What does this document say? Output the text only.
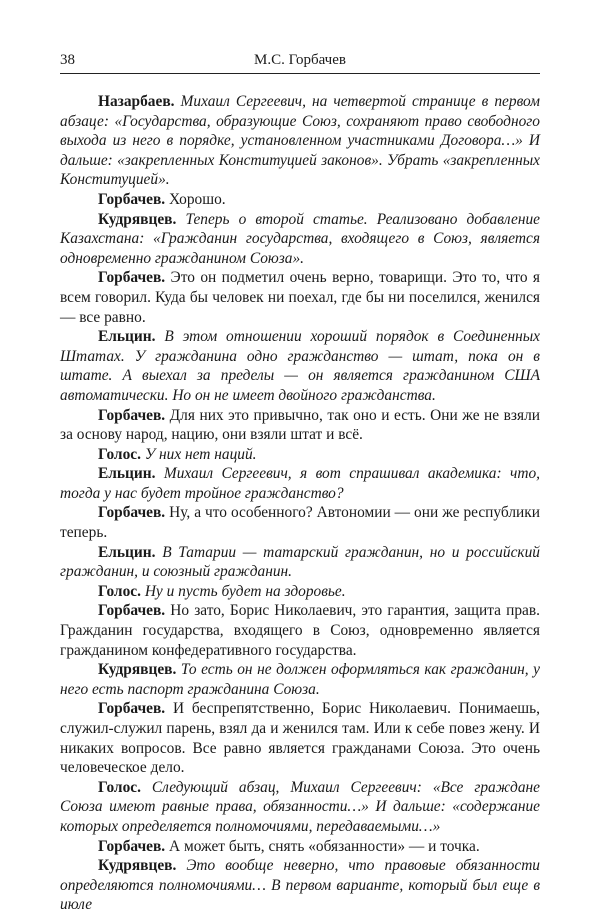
38	М.С. Горбачев

Назарбаев. Михаил Сергеевич, на четвертой странице в первом абзаце: «Государства, образующие Союз, сохраняют право свободного выхода из него в порядке, установленном участниками Договора…» И дальше: «закрепленных Конституцией законов». Убрать «закрепленных Конституцией».

Горбачев. Хорошо.

Кудрявцев. Теперь о второй статье. Реализовано добавление Казахстана: «Гражданин государства, входящего в Союз, является одновременно гражданином Союза».

Горбачев. Это он подметил очень верно, товарищи. Это то, что я всем говорил. Куда бы человек ни поехал, где бы ни поселился, женился — все равно.

Ельцин. В этом отношении хороший порядок в Соединенных Штатах. У гражданина одно гражданство — штат, пока он в штате. А выехал за пределы — он является гражданином США автоматически. Но он не имеет двойного гражданства.

Горбачев. Для них это привычно, так оно и есть. Они же не взяли за основу народ, нацию, они взяли штат и всё.

Голос. У них нет наций.

Ельцин. Михаил Сергеевич, я вот спрашивал академика: что, тогда у нас будет тройное гражданство?

Горбачев. Ну, а что особенного? Автономии — они же республики теперь.

Ельцин. В Татарии — татарский гражданин, но и российский гражданин, и союзный гражданин.

Голос. Ну и пусть будет на здоровье.

Горбачев. Но зато, Борис Николаевич, это гарантия, защита прав. Гражданин государства, входящего в Союз, одновременно является гражданином конфедеративного государства.

Кудрявцев. То есть он не должен оформляться как гражданин, у него есть паспорт гражданина Союза.

Горбачев. И беспрепятственно, Борис Николаевич. Понимаешь, служил-служил парень, взял да и женился там. Или к себе повез жену. И никаких вопросов. Все равно является гражданами Союза. Это очень человеческое дело.

Голос. Следующий абзац, Михаил Сергеевич: «Все граждане Союза имеют равные права, обязанности…» И дальше: «содержание которых определяется полномочиями, передаваемыми…»

Горбачев. А может быть, снять «обязанности» — и точка.

Кудрявцев. Это вообще неверно, что правовые обязанности определяются полномочиями… В первом варианте, который был еще в июле
